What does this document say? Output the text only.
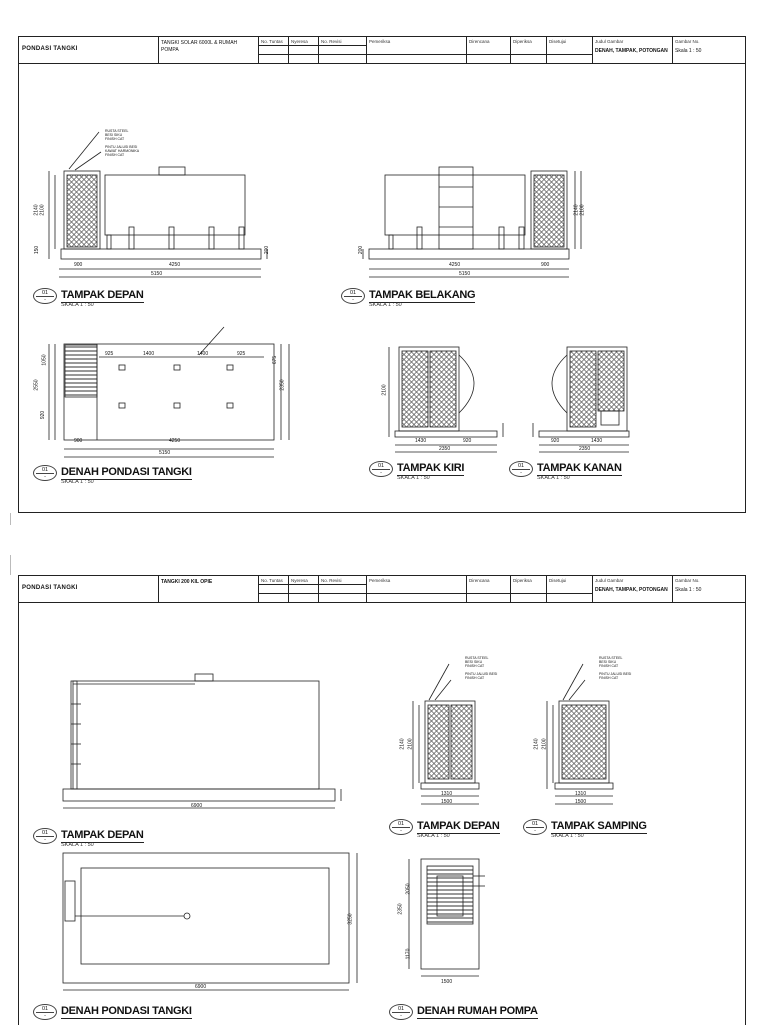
PONDASI TANGKI
TANGKI SOLAR 6000L & RUMAH POMPA
No. Tuntas Nyeresa	No. Revisi	Pemeriksa	Direncana	Diperiksa	Disetujui	Judul Gambar
DENAH, TAMPAK, POTONGAN
Gambar No.
Skala 1 : 50
RUSTA STEEL
BESI SIKU
FINISH CAT

PINTU JALUSI BESI
KAWAT HARMONIKA
FINISH CAT
900	4250
5150
2140 2100
150	200
4250	900
5150
2140 2100
200
925	1400	1400	925
900	4250
5150
2550
1050
920
2350
675
2100
1430	920
2350
920	1430
2350
01
-	TAMPAK DEPAN
SKALA 1 : 50
01
-	TAMPAK BELAKANG
SKALA 1 : 50
01
-	DENAH PONDASI TANGKI
SKALA 1 : 50
01
-	TAMPAK KIRI
SKALA 1 : 50
01
-	TAMPAK KANAN
SKALA 1 : 50
PONDASI TANGKI
TANGKI 200 KIL OPIE	No. Tuntas Nyeresa	No. Revisi	Pemeriksa	Direncana	Diperiksa	Disetujui	Judul Gambar
DENAH, TAMPAK, POTONGAN
Gambar No.
Skala 1 : 50
RUSTA STEEL
BESI SIKU
FINISH CAT

PINTU JALUSI BESI
FINISH CAT
RUSTA STEEL
BESI SIKU
FINISH CAT

PINTU JALUSI BESI
FINISH CAT
6900
6900
3250
2140 2100
1310
1500
2140 2100
1310
1500
2350
2050
1170
1500
01
-	TAMPAK DEPAN
SKALA 1 : 50
01
-	TAMPAK DEPAN
SKALA 1 : 50
01
-	TAMPAK SAMPING
SKALA 1 : 50
01
-	DENAH PONDASI TANGKI	01
-	DENAH RUMAH POMPA
